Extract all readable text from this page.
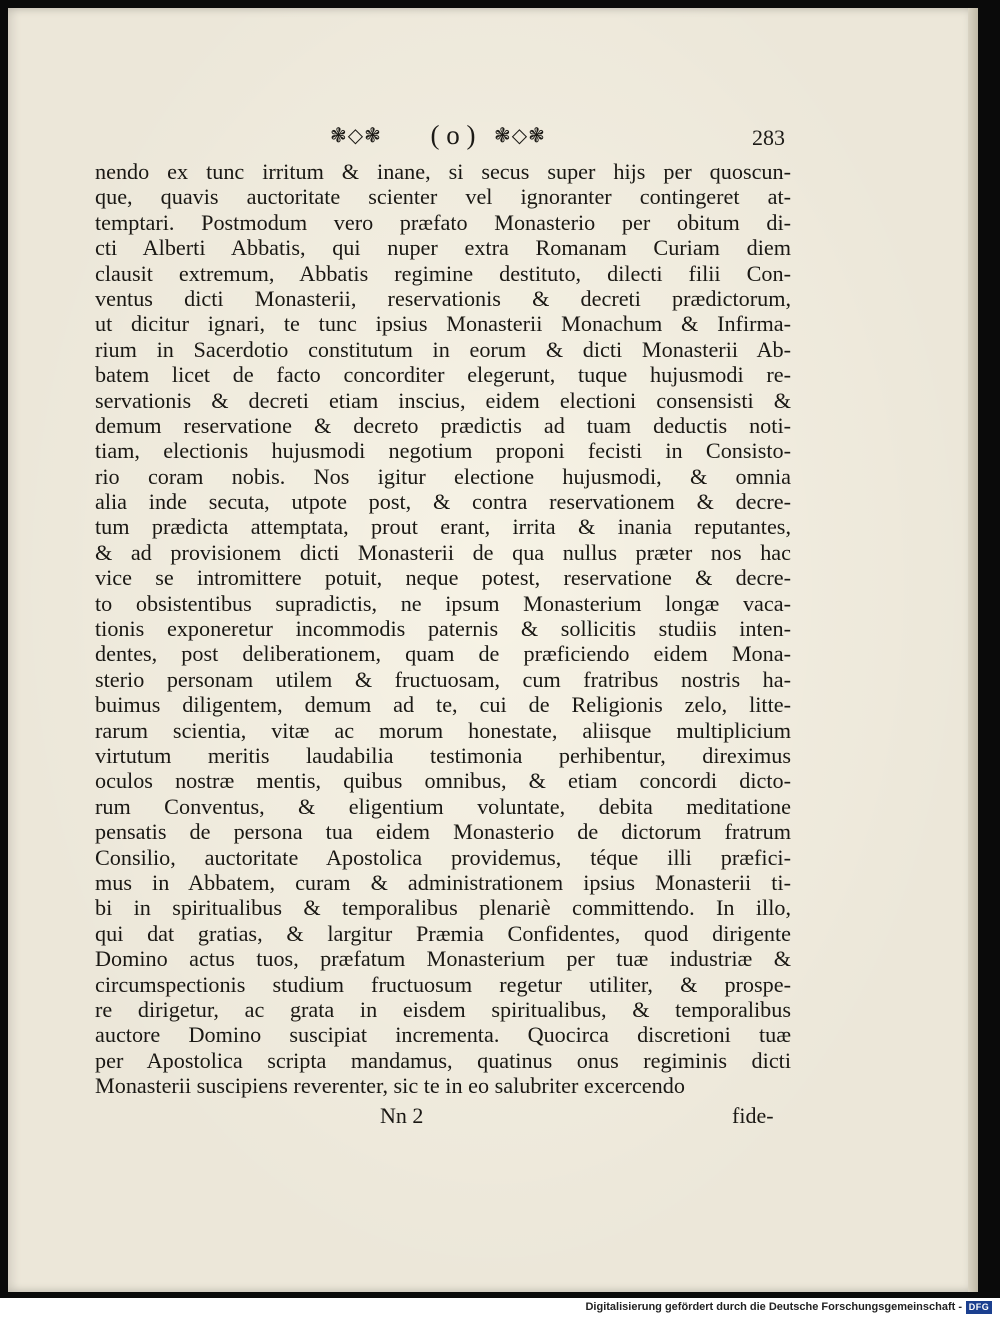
❃◇❃	( o ) ❃◇❃	283
nendo ex tunc irritum & inane, si secus super hijs per quoscun-
que, quavis auctoritate scienter vel ignoranter contingeret at-
temptari. Postmodum vero præfato Monasterio per obitum di-
cti Alberti Abbatis, qui nuper extra Romanam Curiam diem
clausit extremum, Abbatis regimine destituto, dilecti filii Con-
ventus dicti Monasterii, reservationis & decreti prædictorum,
ut dicitur ignari, te tunc ipsius Monasterii Monachum & Infirma-
rium in Sacerdotio constitutum in eorum & dicti Monasterii Ab-
batem licet de facto concorditer elegerunt, tuque hujusmodi re-
servationis & decreti etiam inscius, eidem electioni consensisti &
demum reservatione & decreto prædictis ad tuam deductis noti-
tiam, electionis hujusmodi negotium proponi fecisti in Consisto-
rio coram nobis. Nos igitur electione hujusmodi, & omnia
alia inde secuta, utpote post, & contra reservationem & decre-
tum prædicta attemptata, prout erant, irrita & inania reputantes,
& ad provisionem dicti Monasterii de qua nullus præter nos hac
vice se intromittere potuit, neque potest, reservatione & decre-
to obsistentibus supradictis, ne ipsum Monasterium longæ vaca-
tionis exponeretur incommodis paternis & sollicitis studiis inten-
dentes, post deliberationem, quam de præficiendo eidem Mona-
sterio personam utilem & fructuosam, cum fratribus nostris ha-
buimus diligentem, demum ad te, cui de Religionis zelo, litte-
rarum scientia, vitæ ac morum honestate, aliisque multiplicium
virtutum meritis laudabilia testimonia perhibentur, direximus
oculos nostræ mentis, quibus omnibus, & etiam concordi dicto-
rum Conventus, & eligentium voluntate, debita meditatione
pensatis de persona tua eidem Monasterio de dictorum fratrum
Consilio, auctoritate Apostolica providemus, téque illi præfici-
mus in Abbatem, curam & administrationem ipsius Monasterii ti-
bi in spiritualibus & temporalibus plenariè committendo. In illo,
qui dat gratias, & largitur Præmia Confidentes, quod dirigente
Domino actus tuos, præfatum Monasterium per tuæ industriæ &
circumspectionis studium fructuosum regetur utiliter, & prospe-
re dirigetur, ac grata in eisdem spiritualibus, & temporalibus
auctore Domino suscipiat incrementa. Quocirca discretioni tuæ
per Apostolica scripta mandamus, quatinus onus regiminis dicti
Monasterii suscipiens reverenter, sic te in eo salubriter excercendo
Nn 2	fide-
Digitalisierung gefördert durch die Deutsche Forschungsgemeinschaft - DFG
